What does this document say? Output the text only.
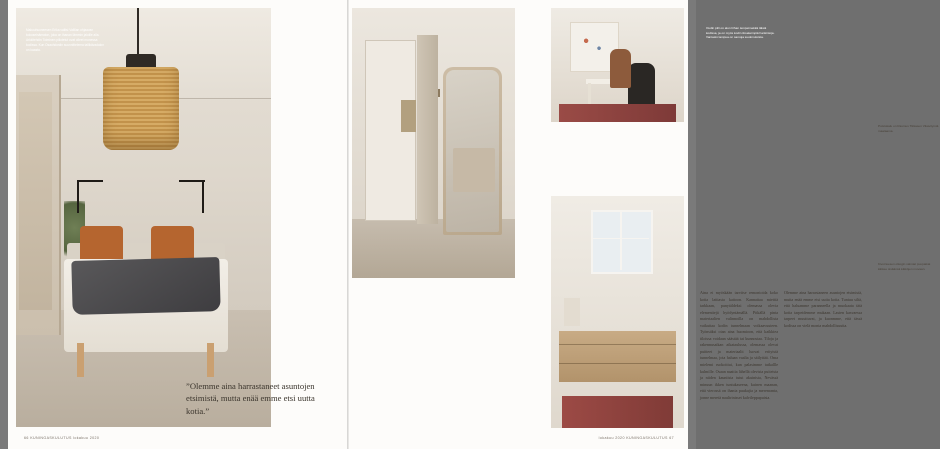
Makuuhuoneesen Erika valitsi Vallilan ohjaavan kokoseinämaton, joka on ihanan lämmin jaloille alla. Arkkitehdin Toiminen piilotetut ovat olleet monessa kodissa. Kun Osaohdostin suunnittelema tallikävadalon on kaasta.
”Olemme aina harrastaneet asuntojen etsimistä, mutta enää emme etsi uutta kotia.”
66 KUNINGASKULUTUS lokakuu 2020
Oudin piili on alun lirhan lempeimekkä tälwä kodissa, ja on myös kodin ilmakeimpiä hankintoja. Vantasin lampua on samoja suokmuloista.
Puistokalu on Rasmus Tikkasen Vikavitymiä maalaama.
Kivoinsesen olkogin valmiat puupaikat kätkee sisäänsä kätköjen muvaan.
Aina ei myöskään tarvitse remontoida koko kotia lattiasta kattoon. Kannattaa miettiä tarkkaan, punytäldeksi olemassa olevia elementtejä hyödyntämällä. Pitkällä pinta materiaalien valinnoilla on mahdollista vaikuttaa kodin tunnelmaan voikaavuuteen. Työnsäksi otan aina huomioon, että kaikkiea tiloissa voidaan säästää tai kunnostaa. Tiloja ja rakennusaikan aikataulussa, olemassa olevat puitteet ja materiaalit luovat erityistä tunnelmaa, jota haluan vaalia ja säilyttää. Oma mielemi ruokoittui, kun palasimme tutkallle kulmille. Osaan naattia lähellä olevista puiteista ja niiden kauniista tutut akuinista, Nevässä minuun ikken tuntukaseena, kuinen maanan, että vierossä on ihania puukujia ja merenranta, jonne meretä naultrinisset kalvileppapuista.
Olemme aina harrastaneen asuntojen etsimistä, mutta enää emme etsi uutta kotia. Tuntuu siltä, että haluamme paranneella ja muokaata tätä kotia tarpeidemme mukaan. Lasten kasvaessa tarpeet muuttuvat, ja kuonmme, että tässä kodissa on vielä monta mahdollisuutta.
lokakuu 2020 KUNINGASKULUTUS 67
